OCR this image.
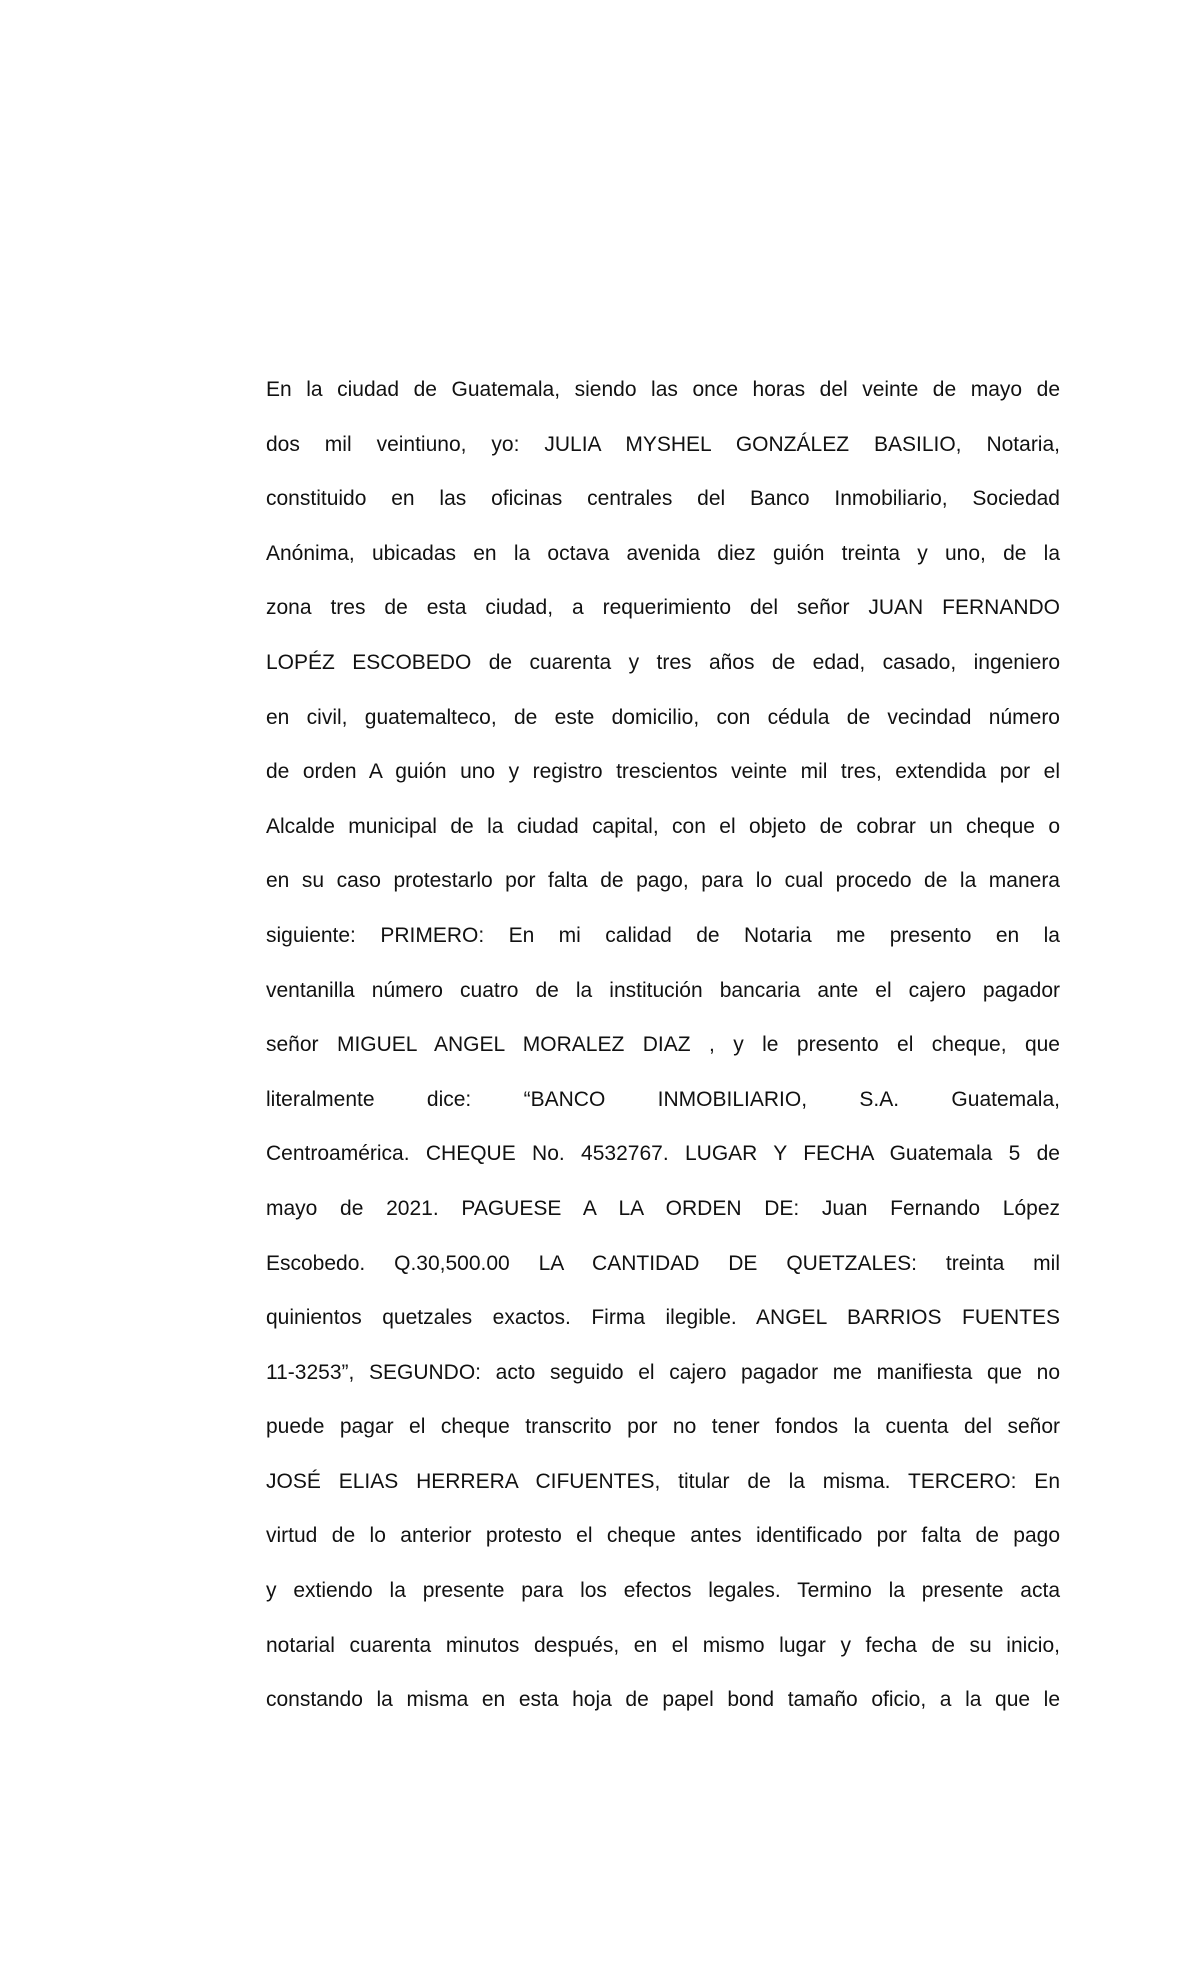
En la ciudad de Guatemala, siendo las once horas del veinte de mayo de
dos mil veintiuno, yo: JULIA MYSHEL GONZÁLEZ BASILIO, Notaria,
constituido en las oficinas centrales del Banco Inmobiliario, Sociedad
Anónima, ubicadas en la octava avenida diez guión treinta y uno, de la
zona tres de esta ciudad, a requerimiento del señor JUAN FERNANDO
LOPÉZ ESCOBEDO de cuarenta y tres años de edad, casado, ingeniero
en civil, guatemalteco, de este domicilio, con cédula de vecindad número
de orden A guión uno y registro trescientos veinte mil tres, extendida por el
Alcalde municipal de la ciudad capital, con el objeto de cobrar un cheque o
en su caso protestarlo por falta de pago, para lo cual procedo de la manera
siguiente: PRIMERO: En mi calidad de Notaria me presento en la
ventanilla número cuatro de la institución bancaria ante el cajero pagador
señor MIGUEL ANGEL MORALEZ DIAZ , y le presento el cheque, que
literalmente dice: “BANCO INMOBILIARIO, S.A. Guatemala,
Centroamérica. CHEQUE No. 4532767. LUGAR Y FECHA Guatemala 5 de
mayo de 2021. PAGUESE A LA ORDEN DE: Juan Fernando López
Escobedo. Q.30,500.00 LA CANTIDAD DE QUETZALES: treinta mil
quinientos quetzales exactos. Firma ilegible. ANGEL BARRIOS FUENTES
11-3253”, SEGUNDO: acto seguido el cajero pagador me manifiesta que no
puede pagar el cheque transcrito por no tener fondos la cuenta del señor
JOSÉ ELIAS HERRERA CIFUENTES, titular de la misma. TERCERO: En
virtud de lo anterior protesto el cheque antes identificado por falta de pago
y extiendo la presente para los efectos legales. Termino la presente acta
notarial cuarenta minutos después, en el mismo lugar y fecha de su inicio,
constando la misma en esta hoja de papel bond tamaño oficio, a la que le
